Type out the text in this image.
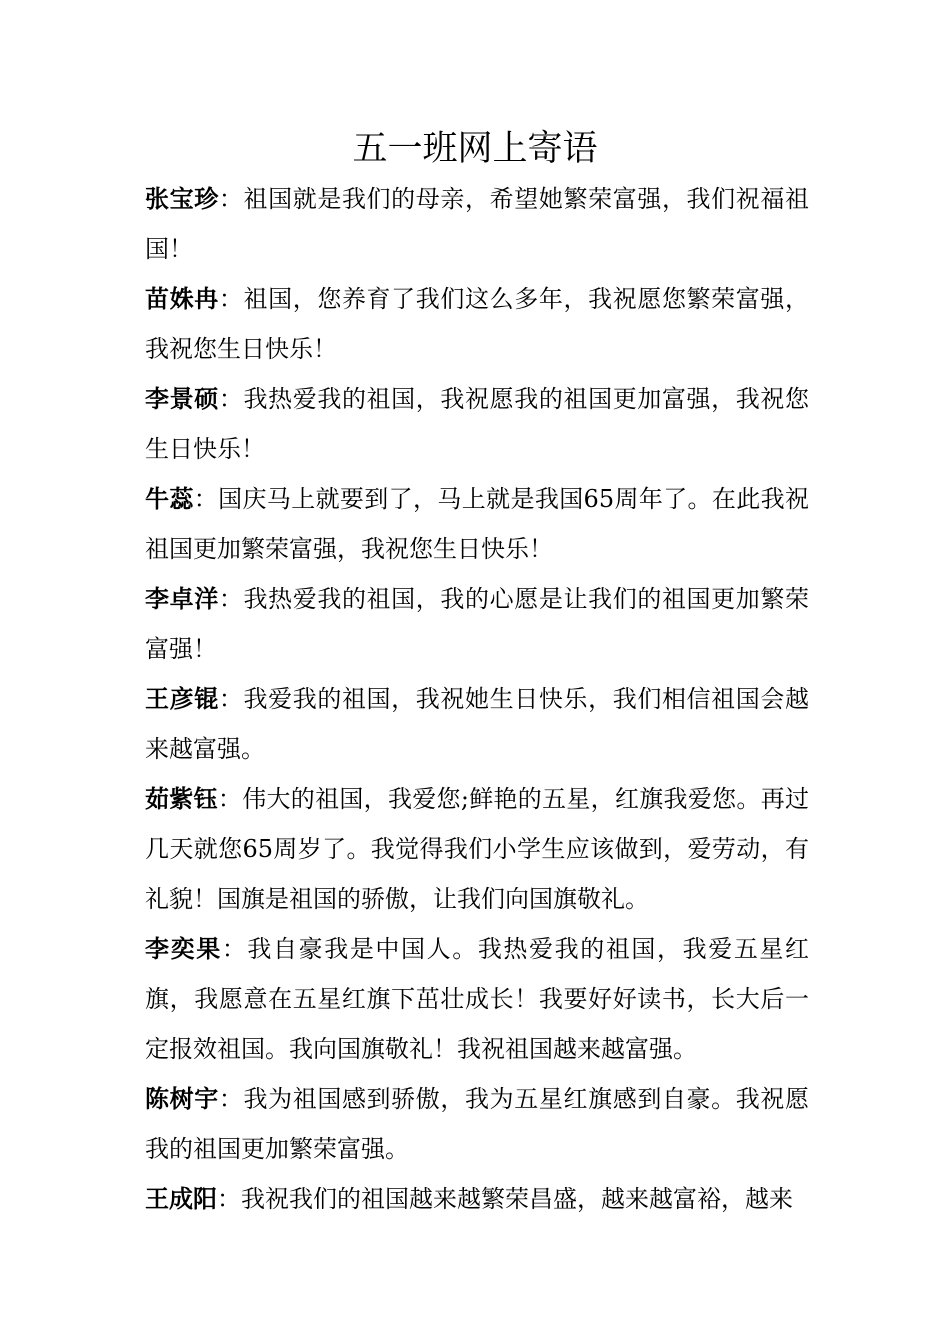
五一班网上寄语

张宝珍：祖国就是我们的母亲，希望她繁荣富强，我们祝福祖国！

苗姝冉：祖国，您养育了我们这么多年，我祝愿您繁荣富强，我祝您生日快乐！

李景硕：我热爱我的祖国，我祝愿我的祖国更加富强，我祝您生日快乐！

牛蕊：国庆马上就要到了，马上就是我国65周年了。在此我祝祖国更加繁荣富强，我祝您生日快乐！

李卓洋：我热爱我的祖国，我的心愿是让我们的祖国更加繁荣富强！

王彦锟：我爱我的祖国，我祝她生日快乐，我们相信祖国会越来越富强。

茹紫钰：伟大的祖国，我爱您;鲜艳的五星，红旗我爱您。再过几天就您65周岁了。我觉得我们小学生应该做到，爱劳动，有礼貌！国旗是祖国的骄傲，让我们向国旗敬礼。

李奕果：我自豪我是中国人。我热爱我的祖国，我爱五星红旗，我愿意在五星红旗下茁壮成长！我要好好读书，长大后一定报效祖国。我向国旗敬礼！我祝祖国越来越富强。

陈树宇：我为祖国感到骄傲，我为五星红旗感到自豪。我祝愿我的祖国更加繁荣富强。

王成阳：我祝我们的祖国越来越繁荣昌盛，越来越富裕，越来
